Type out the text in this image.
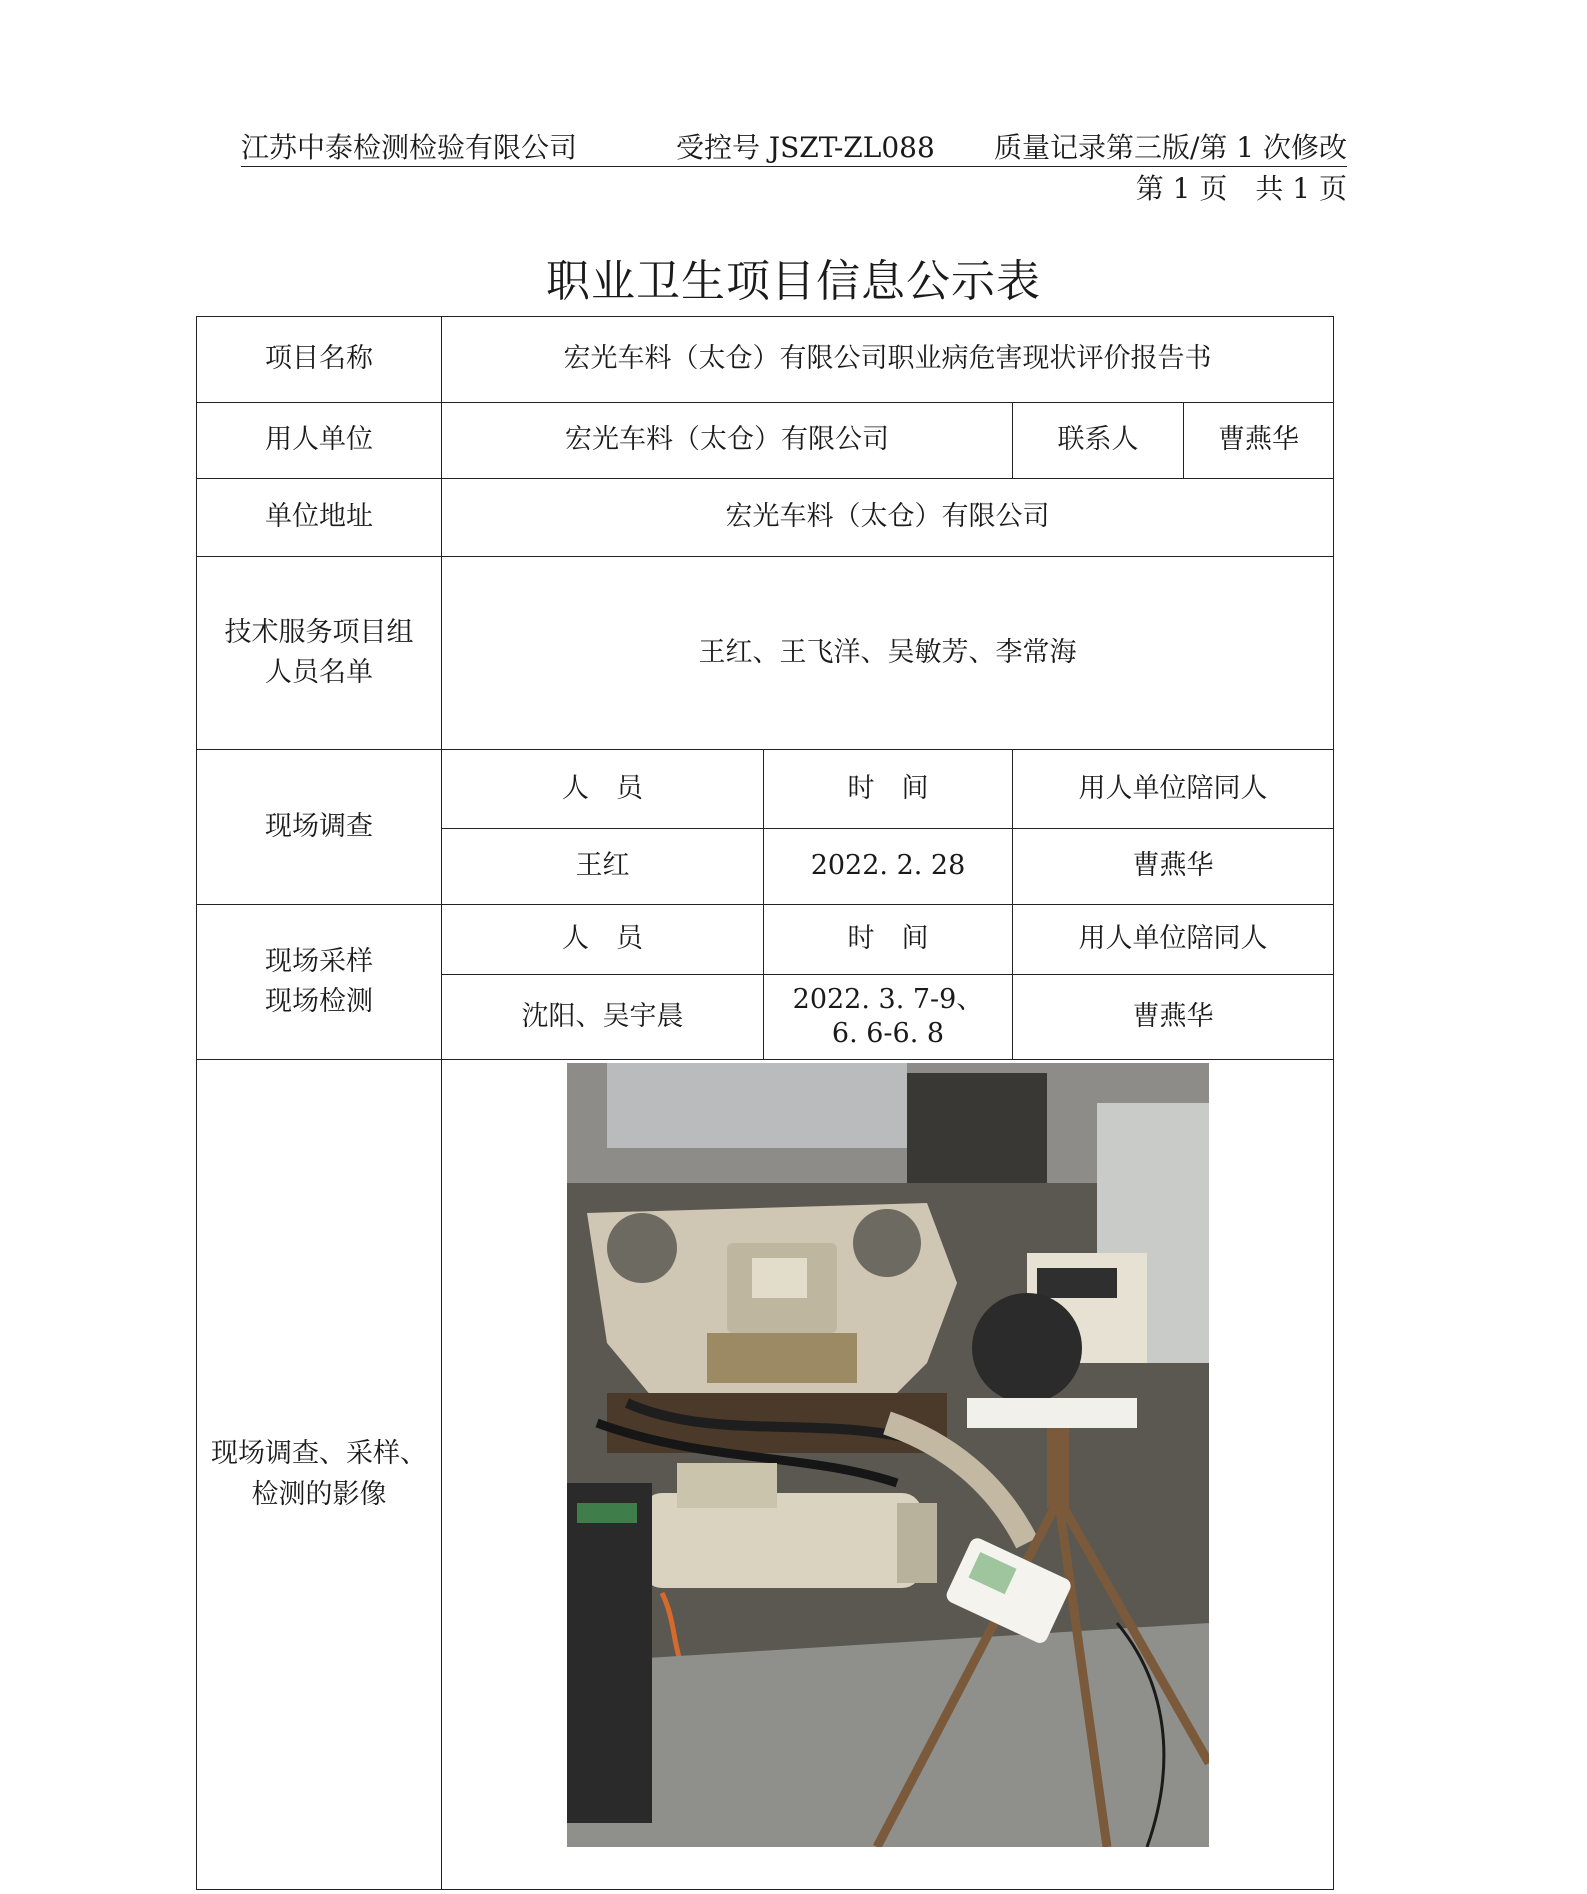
江苏中泰检测检验有限公司	受控号 JSZT-ZL088 质量记录第三版/第 1 次修改
第 1 页　共 1 页
职业卫生项目信息公示表
项目名称	宏光车料（太仓）有限公司职业病危害现状评价报告书			
用人单位	宏光车料（太仓）有限公司		联系人	曹燕华
单位地址	宏光车料（太仓）有限公司			

技术服务项目组
人员名单	王红、王飞洋、吴敏芳、李常海			
现场调查	人　员	时　间	用人单位陪同人	
	王红	2022. 2. 28	曹燕华	

现场采样
现场检测	人　员	时　间	用人单位陪同人	
	沈阳、吴宇晨	2022. 3. 7-9、
6. 6-6. 8	曹燕华	

现场调查、采样、
检测的影像
